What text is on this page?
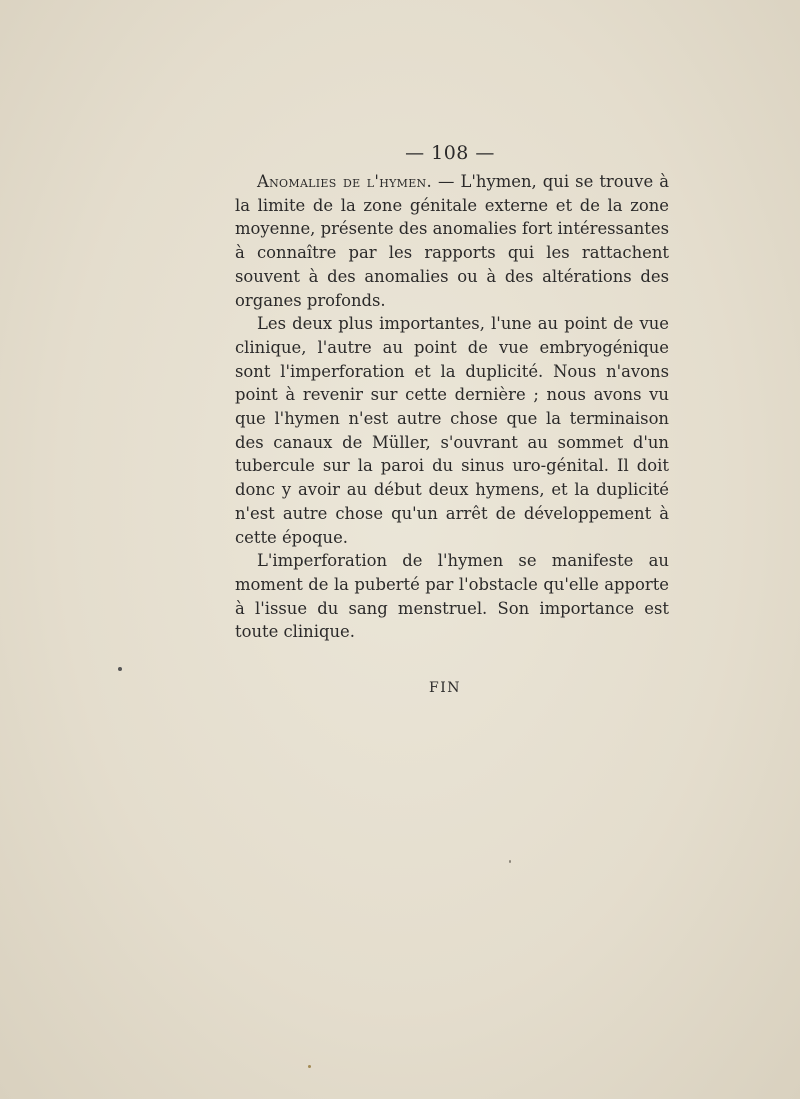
— 108 —

Anomalies de l'hymen. — L'hymen, qui se trouve à la limite de la zone génitale externe et de la zone moyenne, présente des anomalies fort intéressantes à connaître par les rapports qui les rattachent souvent à des anomalies ou à des altérations des organes profonds.

Les deux plus importantes, l'une au point de vue clinique, l'autre au point de vue embryogénique sont l'imperforation et la duplicité. Nous n'avons point à revenir sur cette dernière ; nous avons vu que l'hymen n'est autre chose que la terminaison des canaux de Müller, s'ouvrant au sommet d'un tubercule sur la paroi du sinus uro-génital. Il doit donc y avoir au début deux hymens, et la duplicité n'est autre chose qu'un arrêt de développement à cette époque.

L'imperforation de l'hymen se manifeste au moment de la puberté par l'obstacle qu'elle apporte à l'issue du sang menstruel. Son importance est toute clinique.

FIN
